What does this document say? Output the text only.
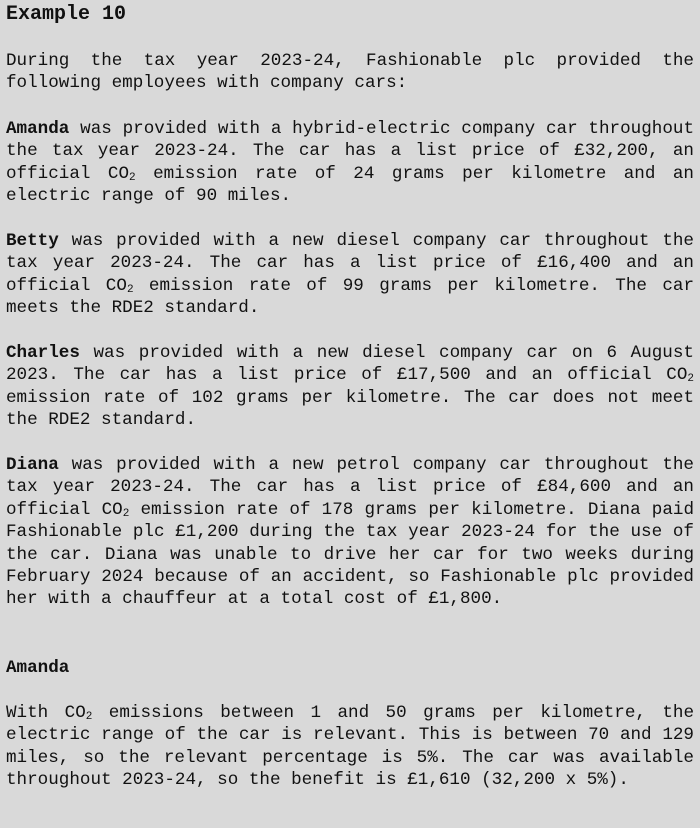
Example 10

During the tax year 2023-24, Fashionable plc provided the following employees with company cars:

Amanda was provided with a hybrid-electric company car throughout the tax year 2023-24. The car has a list price of £32,200, an official $CO_2$ emission rate of 24 grams per kilometre and an electric range of 90 miles.

Betty was provided with a new diesel company car throughout the tax year 2023-24. The car has a list price of £16,400 and an official $CO_2$ emission rate of 99 grams per kilometre. The car meets the RDE2 standard.

Charles was provided with a new diesel company car on 6 August 2023. The car has a list price of £17,500 and an official $CO_2$ emission rate of 102 grams per kilometre. The car does not meet the RDE2 standard.

Diana was provided with a new petrol company car throughout the tax year 2023-24. The car has a list price of £84,600 and an official $CO_2$ emission rate of 178 grams per kilometre. Diana paid Fashionable plc £1,200 during the tax year 2023-24 for the use of the car. Diana was unable to drive her car for two weeks during February 2024 because of an accident, so Fashionable plc provided her with a chauffeur at a total cost of £1,800.

Amanda

With $CO_2$ emissions between 1 and 50 grams per kilometre, the electric range of the car is relevant. This is between 70 and 129 miles, so the relevant percentage is 5%. The car was available throughout 2023-24, so the benefit is £1,610 (32,200 x 5%).
